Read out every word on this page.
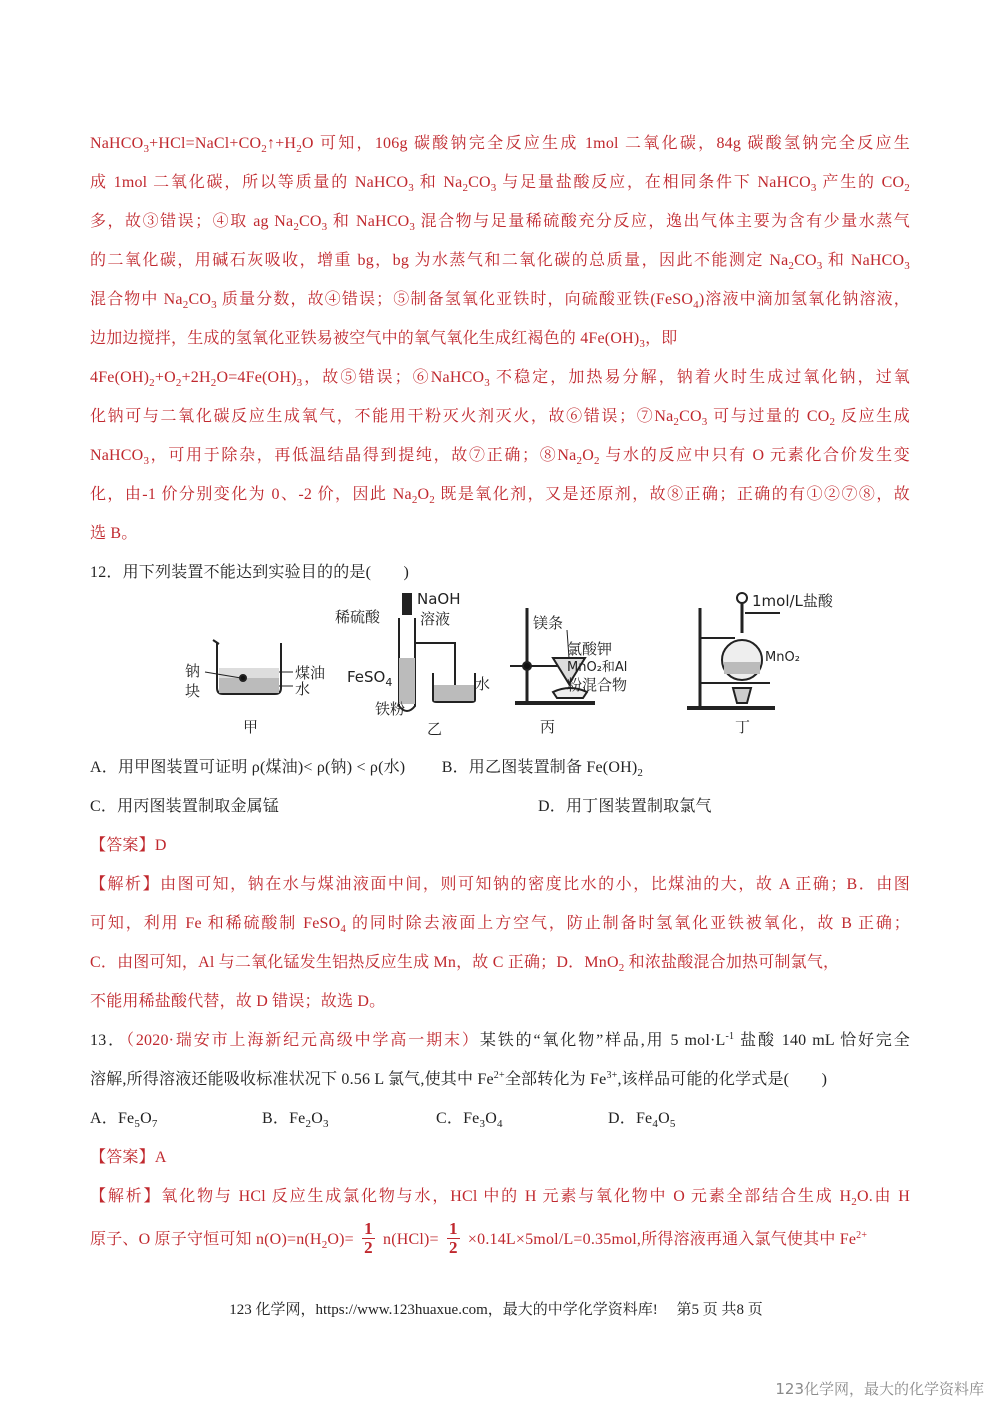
$NaHCO_3+HCl=NaCl+CO_2↑+H_2O$ 可知，106g 碳酸钠完全反应生成 1mol 二氧化碳，84g 碳酸氢钠完全反应生
成 1mol 二氧化碳，所以等质量的 NaHCO$_3$ 和 $Na_2CO_3$ 与足量盐酸反应，在相同条件下 NaHCO$_3$ 产生的 $CO_2$
多，故③错误；④取 ag $Na_2CO_3$ 和 NaHCO$_3$ 混合物与足量稀硫酸充分反应，逸出气体主要为含有少量水蒸气
的二氧化碳，用碱石灰吸收，增重 bg，bg 为水蒸气和二氧化碳的总质量，因此不能测定 $Na_2CO_3$ 和 NaHCO$_3$
混合物中 $Na_2CO_3$ 质量分数，故④错误；⑤制备氢氧化亚铁时，向硫酸亚铁(FeSO$_4$)溶液中滴加氢氧化钠溶液，
边加边搅拌，生成的氢氧化亚铁易被空气中的氧气氧化生成红褐色的 $4Fe(OH)_3$，即
$4Fe(OH)_2+O_2+2H_2O=4Fe(OH)_3$，故⑤错误；⑥NaHCO$_3$ 不稳定，加热易分解，钠着火时生成过氧化钠，过氧
化钠可与二氧化碳反应生成氧气，不能用干粉灭火剂灭火，故⑥错误；$⑦Na_2CO_3$ 可与过量的 $CO_2$ 反应生成
NaHCO$_3$，可用于除杂，再低温结晶得到提纯，故⑦正确；$⑧Na_2O_2$ 与水的反应中只有 O 元素化合价发生变
化，由-1 价分别变化为 0、-2 价，因此 $Na_2O_2$ 既是氧化剂，又是还原剂，故⑧正确；正确的有①②⑦⑧，故
选 B。
12．用下列装置不能达到实验目的的是(　　)
钠
块
煤油
水
甲
稀硫酸
NaOH
溶液
FeSO$_4$
铁粉
水
乙
镁条
氯酸钾
MnO₂和Al
粉混合物
丙
1mol/L盐酸
MnO₂
丁
A．用甲图装置可证明 ρ(煤油)< ρ(钠) < ρ(水) B．用乙图装置制备 $Fe(OH)_2$
C．用丙图装置制取金属锰	D．用丁图装置制取氯气
【答案】D
【解析】由图可知，钠在水与煤油液面中间，则可知钠的密度比水的小，比煤油的大，故 A 正确；B．由图
可知，利用 Fe 和稀硫酸制 FeSO$_4$ 的同时除去液面上方空气，防止制备时氢氧化亚铁被氧化，故 B 正确；
C．由图可知，Al 与二氧化锰发生铝热反应生成 Mn，故 C 正确；D．MnO$_2$ 和浓盐酸混合加热可制氯气，
不能用稀盐酸代替，故 D 错误；故选 D。
13．（2020·瑞安市上海新纪元高级中学高一期末）某铁的“氧化物”样品,用 5 $mol\cdot L^{-1}$ 盐酸 140 mL 恰好完全
溶解,所得溶液还能吸收标准状况下 0.56 L 氯气,使其中 $Fe^{2+}$全部转化为 $Fe^{3+}$,该样品可能的化学式是(　　)
A．$Fe_5O_7$	B．$Fe_2O_3$	C．$Fe_3O_4$	D．$Fe_4O_5$
【答案】A
【解析】氧化物与 HCl 反应生成氯化物与水，HCl 中的 H 元素与氧化物中 O 元素全部结合生成 $H_2O$.由 H
原子、O 原子守恒可知 $n(O)=n(H_2O)= \frac{1}{2} n(HCl)= \frac{1}{2} \times 0.14L\times 5mol/L=0.35mol$,所得溶液再通入氯气使其中 $Fe^{2+}$
123 化学网，https://www.123huaxue.com，最大的中学化学资料库!　 第5 页 共8 页
123化学网，最大的化学资料库
